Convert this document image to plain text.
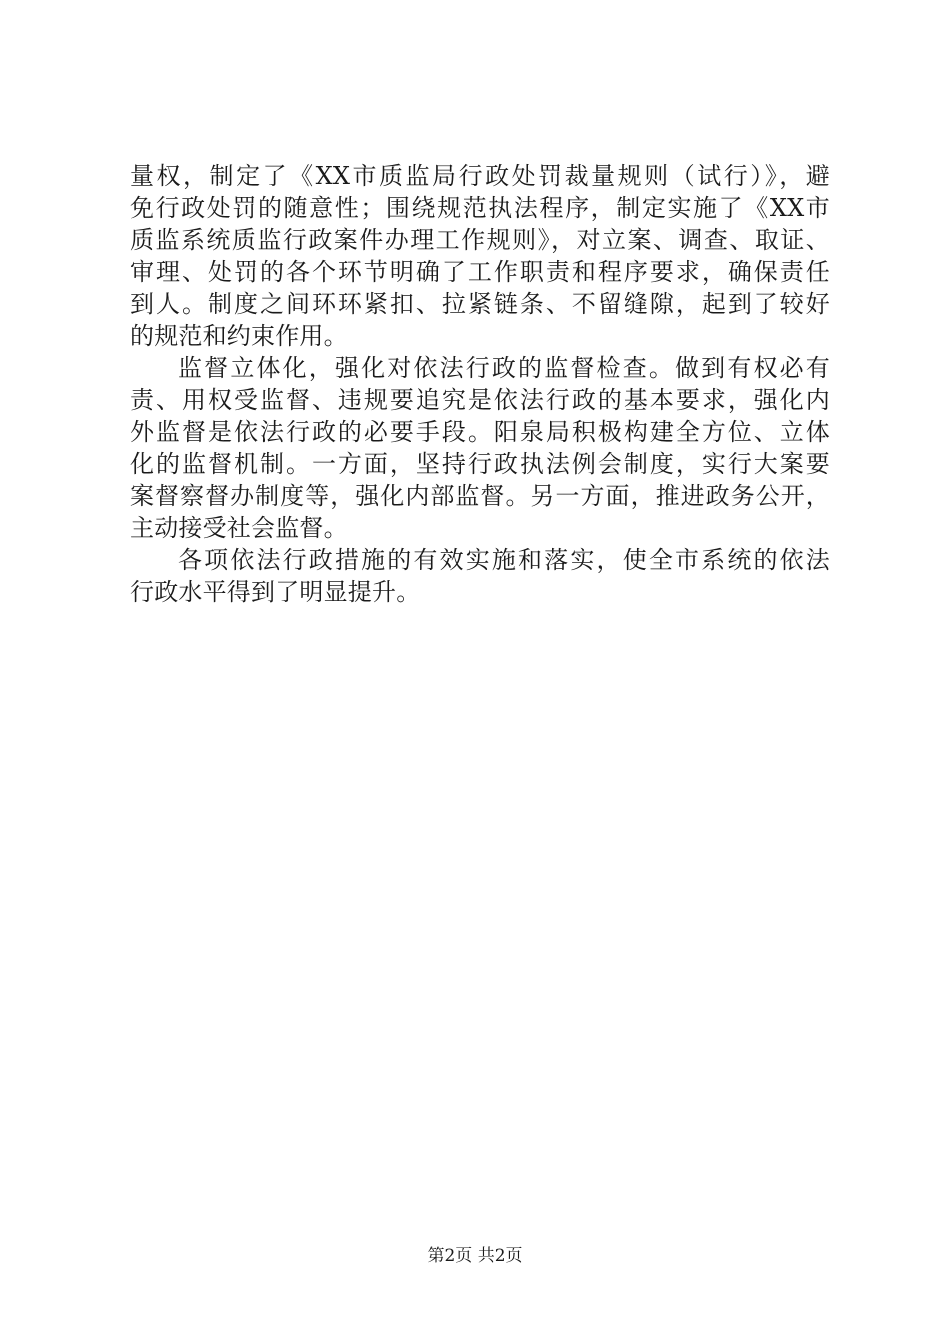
量权，制定了《XX市质监局行政处罚裁量规则（试行）》，避
免行政处罚的随意性；围绕规范执法程序，制定实施了《XX市
质监系统质监行政案件办理工作规则》，对立案、调查、取证、
审理、处罚的各个环节明确了工作职责和程序要求，确保责任
到人。制度之间环环紧扣、拉紧链条、不留缝隙，起到了较好
的规范和约束作用。
监督立体化，强化对依法行政的监督检查。做到有权必有
责、用权受监督、违规要追究是依法行政的基本要求，强化内
外监督是依法行政的必要手段。阳泉局积极构建全方位、立体
化的监督机制。一方面，坚持行政执法例会制度，实行大案要
案督察督办制度等，强化内部监督。另一方面，推进政务公开，
主动接受社会监督。
各项依法行政措施的有效实施和落实，使全市系统的依法
行政水平得到了明显提升。
第2页 共2页
